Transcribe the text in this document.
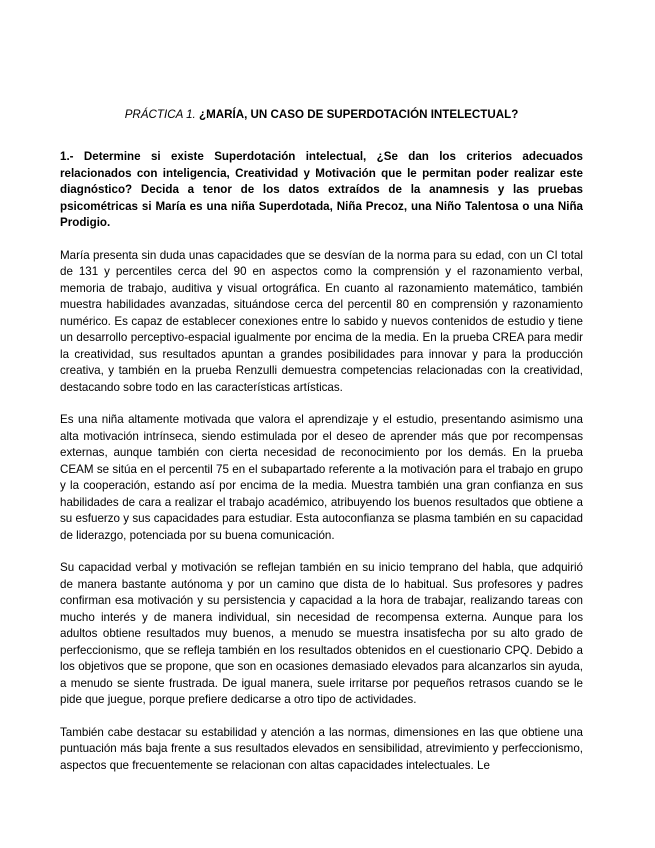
PRÁCTICA 1. ¿MARÍA, UN CASO DE SUPERDOTACIÓN INTELECTUAL?

1.- Determine si existe Superdotación intelectual, ¿Se dan los criterios adecuados relacionados con inteligencia, Creatividad y Motivación que le permitan poder realizar este diagnóstico? Decida a tenor de los datos extraídos de la anamnesis y las pruebas psicométricas si María es una niña Superdotada, Niña Precoz, una Niño Talentosa o una Niña Prodigio.

María presenta sin duda unas capacidades que se desvían de la norma para su edad, con un CI total de 131 y percentiles cerca del 90 en aspectos como la comprensión y el razonamiento verbal, memoria de trabajo, auditiva y visual ortográfica. En cuanto al razonamiento matemático, también muestra habilidades avanzadas, situándose cerca del percentil 80 en comprensión y razonamiento numérico. Es capaz de establecer conexiones entre lo sabido y nuevos contenidos de estudio y tiene un desarrollo perceptivo-espacial igualmente por encima de la media. En la prueba CREA para medir la creatividad, sus resultados apuntan a grandes posibilidades para innovar y para la producción creativa, y también en la prueba Renzulli demuestra competencias relacionadas con la creatividad, destacando sobre todo en las características artísticas.

Es una niña altamente motivada que valora el aprendizaje y el estudio, presentando asimismo una alta motivación intrínseca, siendo estimulada por el deseo de aprender más que por recompensas externas, aunque también con cierta necesidad de reconocimiento por los demás. En la prueba CEAM se sitúa en el percentil 75 en el subapartado referente a la motivación para el trabajo en grupo y la cooperación, estando así por encima de la media. Muestra también una gran confianza en sus habilidades de cara a realizar el trabajo académico, atribuyendo los buenos resultados que obtiene a su esfuerzo y sus capacidades para estudiar. Esta autoconfianza se plasma también en su capacidad de liderazgo, potenciada por su buena comunicación.

Su capacidad verbal y motivación se reflejan también en su inicio temprano del habla, que adquirió de manera bastante autónoma y por un camino que dista de lo habitual. Sus profesores y padres confirman esa motivación y su persistencia y capacidad a la hora de trabajar, realizando tareas con mucho interés y de manera individual, sin necesidad de recompensa externa. Aunque para los adultos obtiene resultados muy buenos, a menudo se muestra insatisfecha por su alto grado de perfeccionismo, que se refleja también en los resultados obtenidos en el cuestionario CPQ. Debido a los objetivos que se propone, que son en ocasiones demasiado elevados para alcanzarlos sin ayuda, a menudo se siente frustrada. De igual manera, suele irritarse por pequeños retrasos cuando se le pide que juegue, porque prefiere dedicarse a otro tipo de actividades.

También cabe destacar su estabilidad y atención a las normas, dimensiones en las que obtiene una puntuación más baja frente a sus resultados elevados en sensibilidad, atrevimiento y perfeccionismo, aspectos que frecuentemente se relacionan con altas capacidades intelectuales. Le
